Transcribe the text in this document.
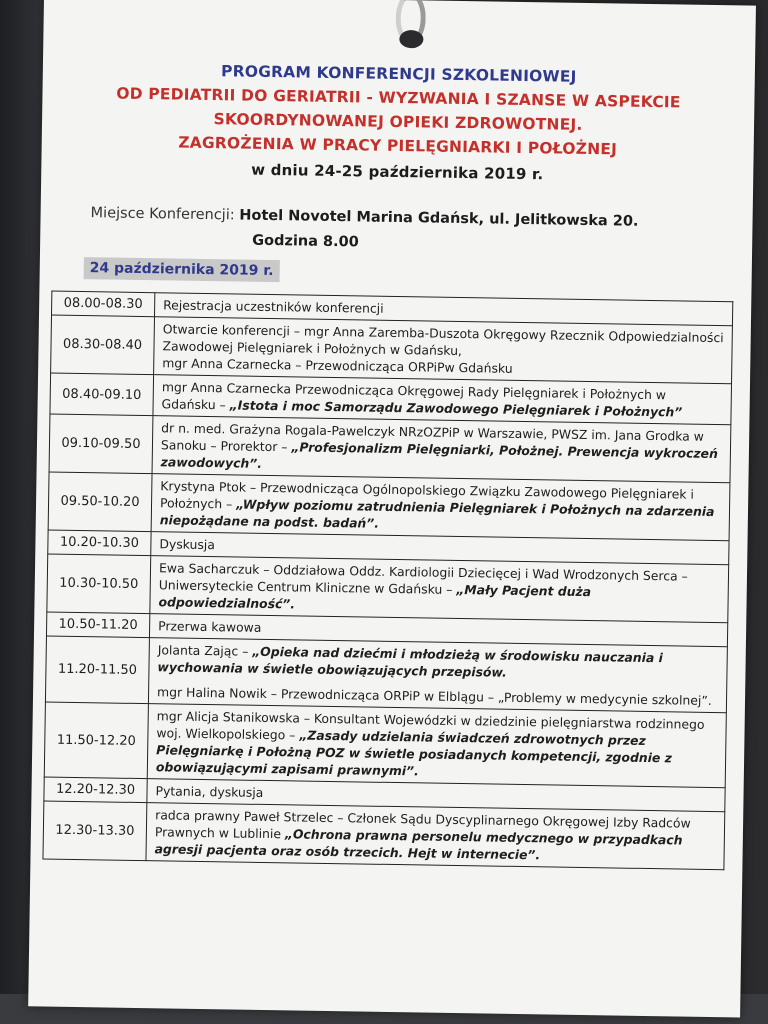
PROGRAM KONFERENCJI SZKOLENIOWEJ
OD PEDIATRII DO GERIATRII - WYZWANIA I SZANSE W ASPEKCIE
SKOORDYNOWANEJ OPIEKI ZDROWOTNEJ.
ZAGROŻENIA W PRACY PIELĘGNIARKI I POŁOŻNEJ
w dniu 24-25 października 2019 r.
Miejsce Konferencji: Hotel Novotel Marina Gdańsk, ul. Jelitkowska 20.
Godzina 8.00
24 października 2019 r.
08.00-08.30	Rejestracja uczestników konferencji
08.30-08.40	Otwarcie konferencji – mgr Anna Zaremba-Duszota Okręgowy Rzecznik Odpowiedzialności Zawodowej Pielęgniarek i Położnych w Gdańsku,
mgr Anna Czarnecka – Przewodnicząca ORPiPw Gdańsku

08.40-09.10	mgr Anna Czarnecka Przewodnicząca Okręgowej Rady Pielęgniarek i Położnych w Gdańsku – „Istota i moc Samorządu Zawodowego Pielęgniarek i Położnych”
09.10-09.50	dr n. med. Grażyna Rogala-Pawelczyk NRzOZPiP w Warszawie, PWSZ im. Jana Grodka w Sanoku – Prorektor – „Profesjonalizm Pielęgniarki, Położnej. Prewencja wykroczeń zawodowych”.
09.50-10.20	Krystyna Ptok – Przewodnicząca Ogólnopolskiego Związku Zawodowego Pielęgniarek i Położnych – „Wpływ poziomu zatrudnienia Pielęgniarek i Położnych na zdarzenia niepożądane na podst. badań”.
10.20-10.30	Dyskusja
10.30-10.50	Ewa Sacharczuk – Oddziałowa Oddz. Kardiologii Dziecięcej i Wad Wrodzonych Serca – Uniwersyteckie Centrum Kliniczne w Gdańsku – „Mały Pacjent duża odpowiedzialność”.
10.50-11.20	Przerwa kawowa
11.20-11.50	Jolanta Zając – „Opieka nad dziećmi i młodzieżą w środowisku nauczania i wychowania w świetle obowiązujących przepisów.
mgr Halina Nowik – Przewodnicząca ORPiP w Elblągu – „Problemy w medycynie szkolnej”.

11.50-12.20	mgr Alicja Stanikowska – Konsultant Wojewódzki w dziedzinie pielęgniarstwa rodzinnego woj. Wielkopolskiego – „Zasady udzielania świadczeń zdrowotnych przez Pielęgniarkę i Położną POZ w świetle posiadanych kompetencji, zgodnie z obowiązującymi zapisami prawnymi”.
12.20-12.30	Pytania, dyskusja
12.30-13.30	radca prawny Paweł Strzelec – Członek Sądu Dyscyplinarnego Okręgowej Izby Radców Prawnych w Lublinie „Ochrona prawna personelu medycznego w przypadkach agresji pacjenta oraz osób trzecich. Hejt w internecie”.
